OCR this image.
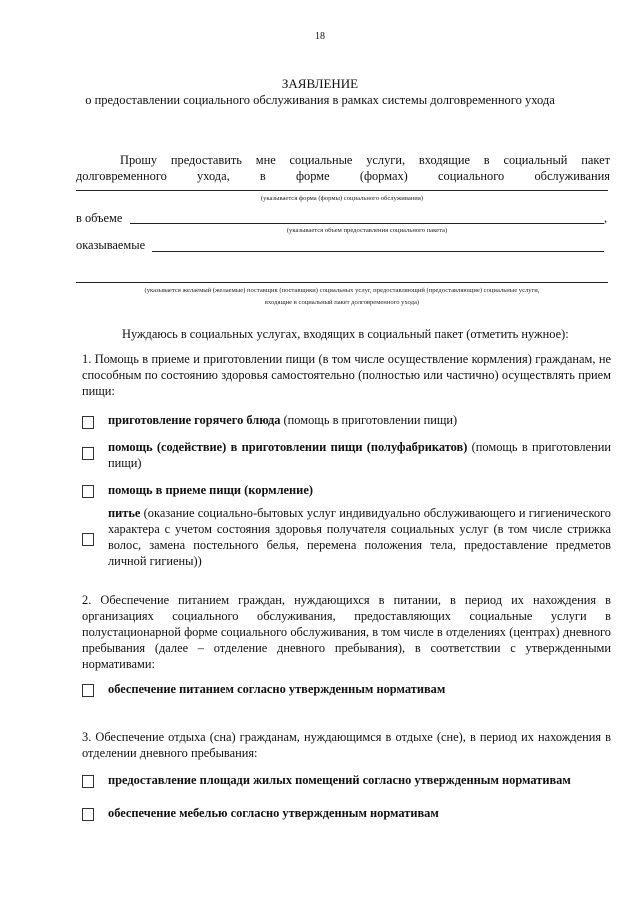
18
ЗАЯВЛЕНИЕ
о предоставлении социального обслуживания в рамках системы долговременного ухода
Прошу предоставить мне социальные услуги, входящие в социальный пакет
долговременного ухода, в форме (формах) социального обслуживания
(указывается форма (формы) социального обслуживания)
в объеме	,
(указывается объем предоставления социального пакета)
оказываемые
(указывается желаемый (желаемые) поставщик (поставщики) социальных услуг, предоставляющий (предоставляющие) социальные услуги,
входящие в социальный пакет долговременного ухода)
Нуждаюсь в социальных услугах, входящих в социальный пакет (отметить нужное):
1. Помощь в приеме и приготовлении пищи (в том числе осуществление кормления) гражданам, не способным по состоянию здоровья самостоятельно (полностью или частично) осуществлять прием пищи:
приготовление горячего блюда (помощь в приготовлении пищи)
помощь (содействие) в приготовлении пищи (полуфабрикатов) (помощь в приготовлении пищи)
помощь в приеме пищи (кормление)
питье (оказание социально-бытовых услуг индивидуально обслуживающего и гигиенического характера с учетом состояния здоровья получателя социальных услуг (в том числе стрижка волос, замена постельного белья, перемена положения тела, предоставление предметов личной гигиены))
2. Обеспечение питанием граждан, нуждающихся в питании, в период их нахождения в организациях социального обслуживания, предоставляющих социальные услуги в полустационарной форме социального обслуживания, в том числе в отделениях (центрах) дневного пребывания (далее – отделение дневного пребывания), в соответствии с утвержденными нормативами:
обеспечение питанием согласно утвержденным нормативам
3. Обеспечение отдыха (сна) гражданам, нуждающимся в отдыхе (сне), в период их нахождения в отделении дневного пребывания:
предоставление площади жилых помещений согласно утвержденным нормативам
обеспечение мебелью согласно утвержденным нормативам
